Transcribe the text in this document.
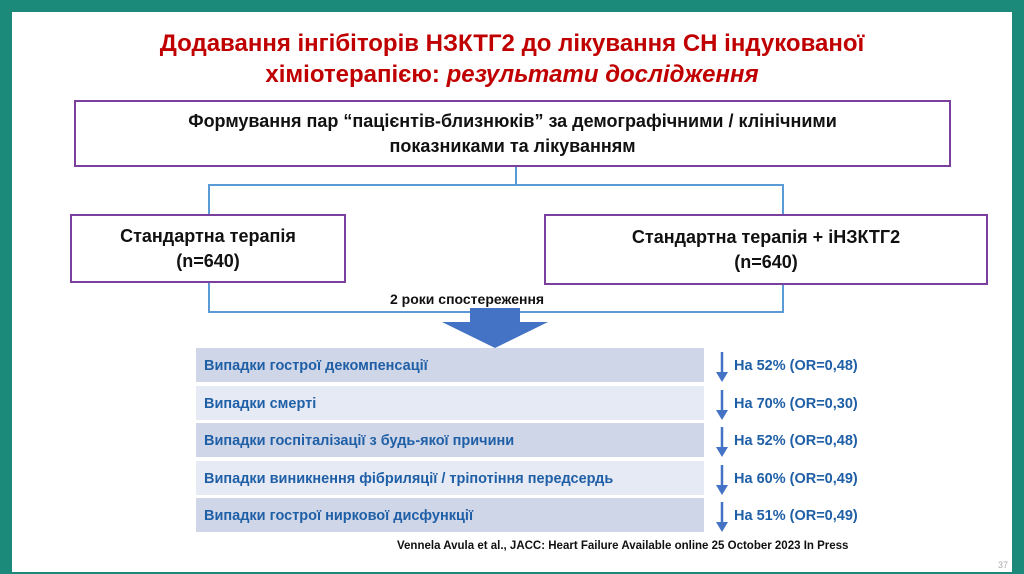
Додавання інгібіторів НЗКТГ2 до лікування СН індукованої
хіміотерапією: результати дослідження
Формування пар “пацієнтів-близнюків” за демографічними / клінічними
показниками та лікуванням
Стандартна терапія
(n=640)
Стандартна терапія + іНЗКТГ2
(n=640)
2 роки спостереження
Випадки гострої декомпенсації
Випадки смерті
Випадки госпіталізації з будь-якої причини
Випадки виникнення фібриляції / тріпотіння передсердь
Випадки гострої ниркової дисфункції
На 52% (OR=0,48)
На 70% (OR=0,30)
На 52% (OR=0,48)
На 60% (OR=0,49)
На 51% (OR=0,49)
Vennela Avula et al., JACC: Heart Failure Available online 25 October 2023 In Press
37
